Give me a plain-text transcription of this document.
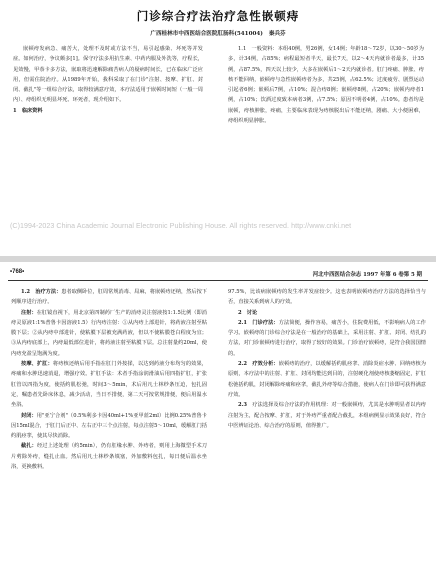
门诊综合疗法治疗急性嵌顿痔
广西桂林市中西医结合医院肛肠科(541004) 秦兵芬

嵌顿痔发病急、痛苦大，处理不及时或方法不当，易引起感染、坏死等并发症。如何治疗，争议颇多[1]。保守疗法多用抗生素、中药内服及外洗等，疗程长，见效慢，甲萘卡多方法，嵌取将迅速解除痛苦病人的疑病时间长，已在临床广泛应用，但需住院治疗。从1989年开始，我科采取了在门诊"注射、按摩、扩肛、封闭、截扎"等一组综合疗法，取得较满意疗效，本疗法适用于嵌顿时间短（一般一周内）、痔组织无明显坏死、环死者，现介绍如下。

1　临床资料

1.1　一般资料：本组40例，男26例，女14例；年龄18～72岁，以30～50岁为多，计34例，占85%；病程最短者半天，最长7天，以2～4天内就诊者最多，计35例，占87.5%，四天以上较少，大多在嵌顿后1～2天内就诊者。肛门疼痛、肿胀、痔核不能回纳，嵌顿痔与急性嵌顿痔者为多，共25例，占62.5%；过度疲劳、剧烈运动引起者6例；嵌顿后7例，占10%；混合痔8例；嵌顿痔8例，占20%；嵌顿内痔者1例，占10%；饮酒过度致本病者3例，占7.5%；原因不明者4例，占10%。患者均是嵌顿，痔核肿胀，疼痛，主要临床表现为痔核脱出后不能还纳，剧痛、大小便困难，痔组织明显肿胀。

(C)1994-2023 China Academic Journal Electronic Publishing House. All rights reserved. http://www.cnki.net
•768•	河北中西医结合杂志 1997 年第 6 卷第 5 期

1.2　治疗方法：患者取侧卧位，肛周常规消毒、局麻，将嵌顿痔还纳，然后按下列顺序进行治疗。

注射：在肛镜直视下，用北京第四制药厂生产的消痔灵注射液按1:1.5比例（即消痔灵原液1:1%普鲁卡因溶液1.5）行内痔注射：①从内痔上部进针，将药液注射至粘膜下层；②从内痔中部进针，使粘膜下层被充满药液，但以不使粘膜苍白程度为宜；③从内痔底部上，内痔最低部位进针，将药液注射至粘膜下层。总注射量约20ml，使内痔充盈呈饱满为度。

按摩、扩肛：将痔核还纳后用手指在肛门外按揉，以达到药液分布均匀的效果，疼痛和水肿迅速消退，增强疗效。扩肛手法：术者手指涂润滑油后用四指扩肛，扩张肛管以四指为度，使括约肌松弛，时间3～5min，术后用凡士林纱条压迫，包扎固定，嘱患者先卧床休息，减少活动，当日不排便，第二天可按常规排便，便后用温水坐浴。

封闭：用"亚宁合剂"（0.5%利多卡因40ml+1%亚甲蓝2ml）比例0.25%普鲁卡因15ml混合，于肛门后正中、左右正中三个点注射，每点注射5～10ml，缓解肛门括约肌痉挛，使其尽快消除。

截扎：经过上述处理（约5min），仍有肛缘水肿、外痔者，则用上海微型手术刀片剪除外痔，缝扎止血。然后用凡士林纱条填塞，外加敷料包扎，每日便后温水坐浴，更换敷料。

97.5%，比该病嵌顿痔的发生率并发症较少。这也表明嵌顿痔治疗方法的选择恰当与否，直接关系到病人的疗效。

2　讨论

2.1　门诊疗法：方法简便，操作容易，痛苦小，住院费用低，不影响病人的工作学习。嵌顿痔的门诊综合疗法是在一般治疗的基础上，采用注射、扩肛、封闭、结扎的方法，对门诊嵌顿痔进行治疗，取得了较好的效果。门诊治疗嵌顿痔，是符合我国国情的。

2.2　疗效分析：嵌顿痔的治疗，以缓解括约肌痉挛、消除炎症水肿、回纳痔核为原则，本疗法中的注射、扩肛、封闭均能达到目的，注射硬化剂使痔核萎缩固定，扩肛松弛括约肌，封闭解除疼痛和痉挛，截扎外痔等综合措施，使病人在门诊即可获得满意疗效。

2.3　疗法选择及综合疗法的作用机理：对一般嵌顿痔，尤其是水肿明显者以内痔注射为主，配合按摩、扩肛，对于外痔严重者配合截扎，本组病例显示效果良好，符合中医辨证论治、综合治疗的原则，值得推广。
